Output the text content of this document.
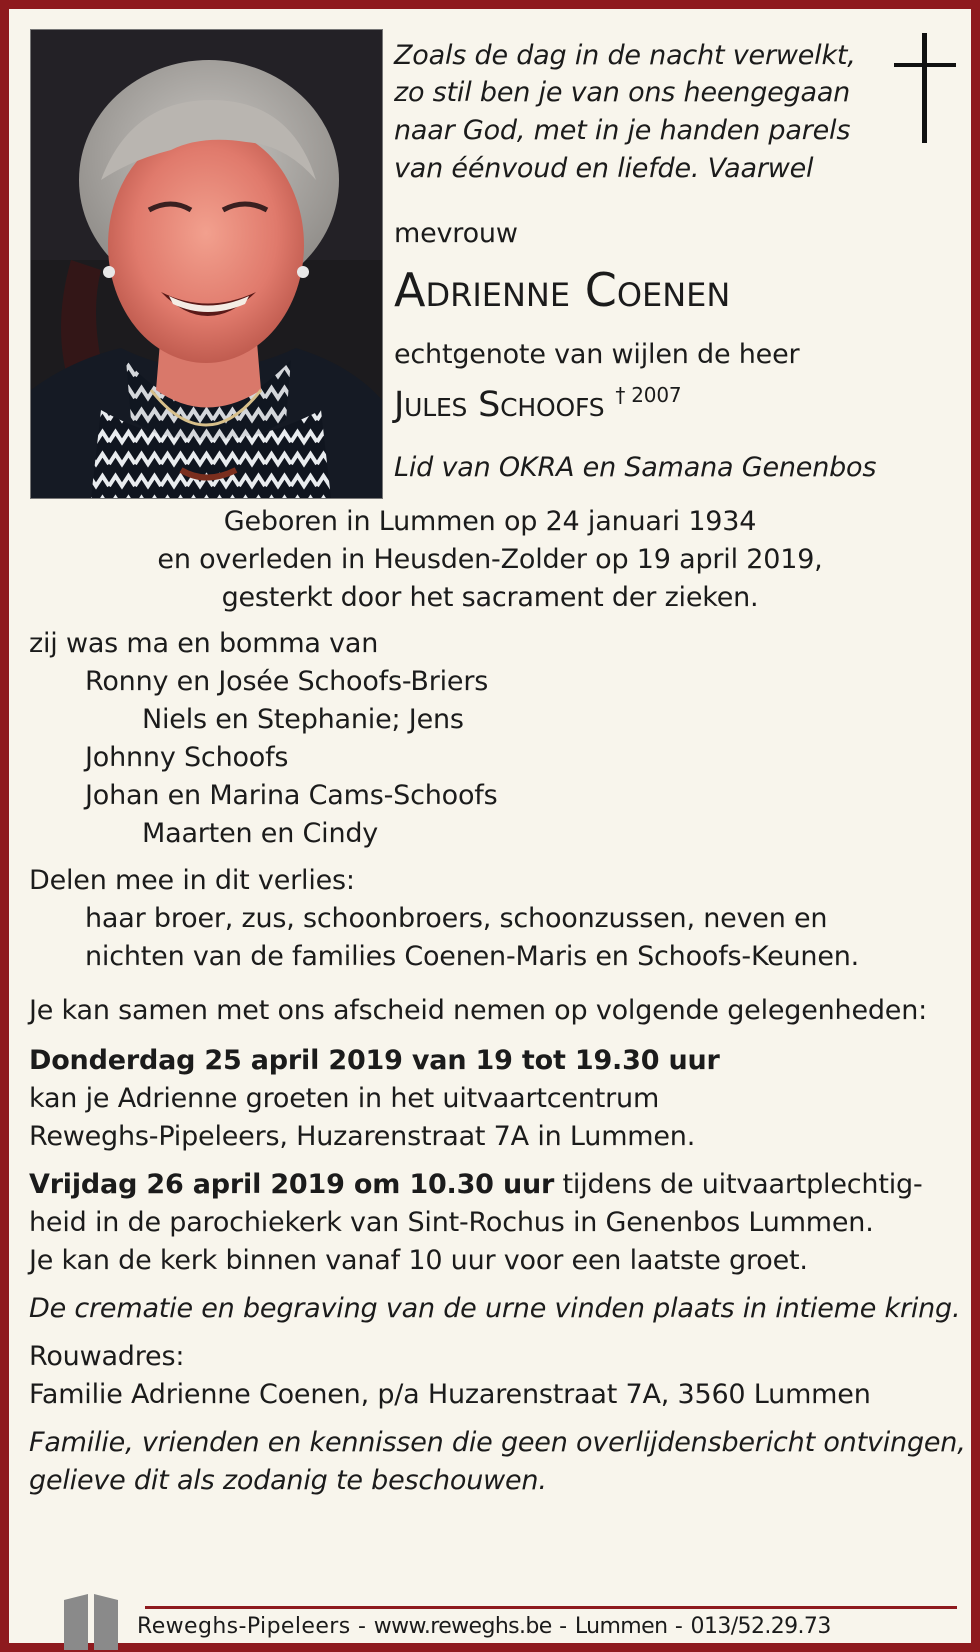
Zoals de dag in de nacht verwelkt,
zo stil ben je van ons heengegaan
naar God, met in je handen parels
van éénvoud en liefde. Vaarwel
mevrouw
Adrienne Coenen
echtgenote van wijlen de heer
Jules Schoofs $^{\dagger 2007}$
Lid van OKRA en Samana Genenbos
Geboren in Lummen op 24 januari 1934
en overleden in Heusden-Zolder op 19 april 2019,
gesterkt door het sacrament der zieken.
zij was ma en bomma van
Ronny en Josée Schoofs-Briers
Niels en Stephanie; Jens
Johnny Schoofs
Johan en Marina Cams-Schoofs
Maarten en Cindy
Delen mee in dit verlies:
haar broer, zus, schoonbroers, schoonzussen, neven en
nichten van de families Coenen-Maris en Schoofs-Keunen.
Je kan samen met ons afscheid nemen op volgende gelegenheden:
Donderdag 25 april 2019 van 19 tot 19.30 uur
kan je Adrienne groeten in het uitvaartcentrum
Reweghs-Pipeleers, Huzarenstraat 7A in Lummen.
Vrijdag 26 april 2019 om 10.30 uur tijdens de uitvaartplechtig-
heid in de parochiekerk van Sint-Rochus in Genenbos Lummen.
Je kan de kerk binnen vanaf 10 uur voor een laatste groet.
De crematie en begraving van de urne vinden plaats in intieme kring.
Rouwadres:
Familie Adrienne Coenen, p/a Huzarenstraat 7A, 3560 Lummen
Familie, vrienden en kennissen die geen overlijdensbericht ontvingen,
gelieve dit als zodanig te beschouwen.
Reweghs-Pipeleers - www.reweghs.be - Lummen - 013/52.29.73
